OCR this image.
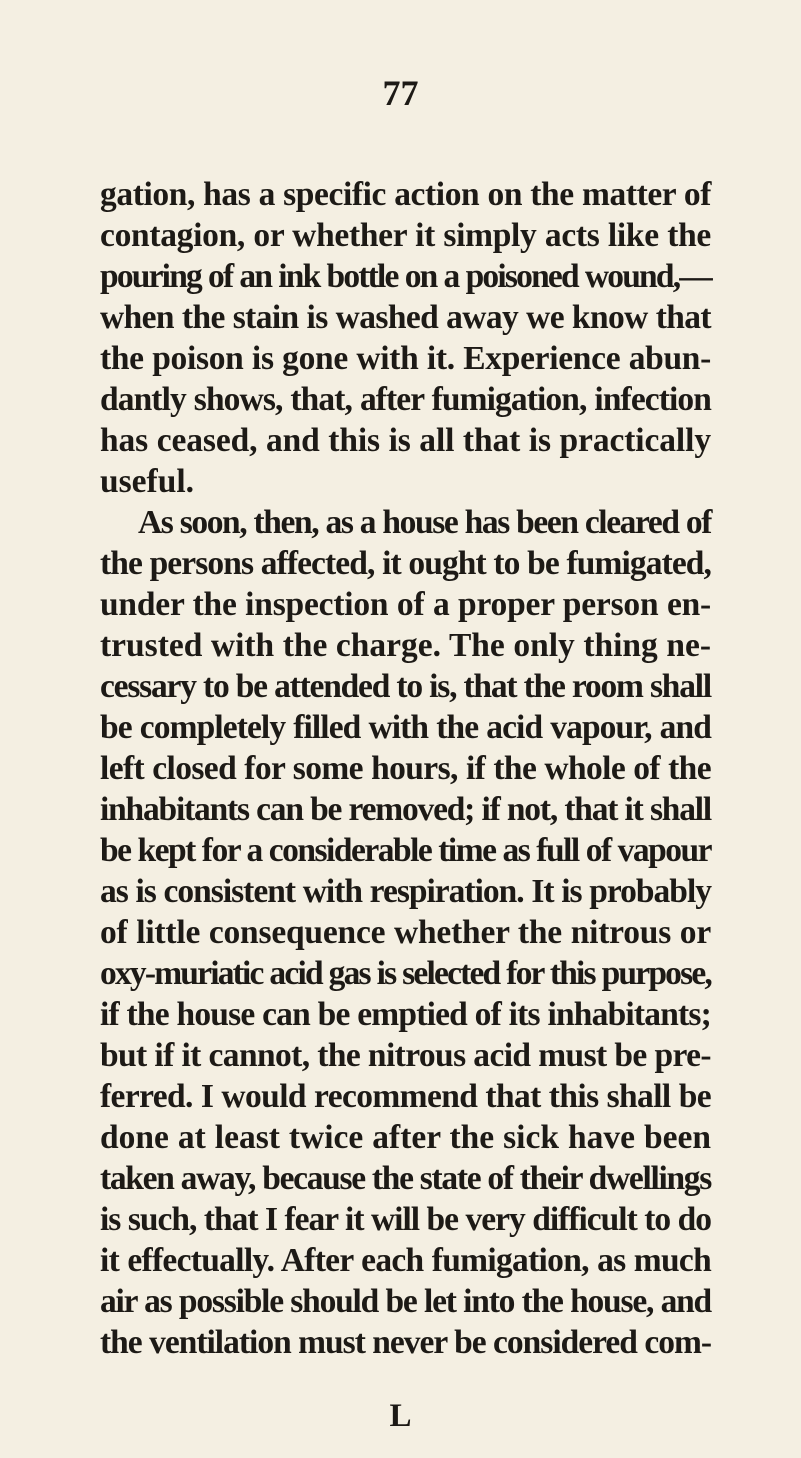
77
gation, has a specific action on the matter of
contagion, or whether it simply acts like the
pouring of an ink bottle on a poisoned wound,—
when the stain is washed away we know that
the poison is gone with it. Experience abun-
dantly shows, that, after fumigation, infection
has ceased, and this is all that is practically
useful.
As soon, then, as a house has been cleared of
the persons affected, it ought to be fumigated,
under the inspection of a proper person en-
trusted with the charge. The only thing ne-
cessary to be attended to is, that the room shall
be completely filled with the acid vapour, and
left closed for some hours, if the whole of the
inhabitants can be removed; if not, that it shall
be kept for a considerable time as full of vapour
as is consistent with respiration. It is probably
of little consequence whether the nitrous or
oxy-muriatic acid gas is selected for this purpose,
if the house can be emptied of its inhabitants;
but if it cannot, the nitrous acid must be pre-
ferred. I would recommend that this shall be
done at least twice after the sick have been
taken away, because the state of their dwellings
is such, that I fear it will be very difficult to do
it effectually. After each fumigation, as much
air as possible should be let into the house, and
the ventilation must never be considered com-
L
